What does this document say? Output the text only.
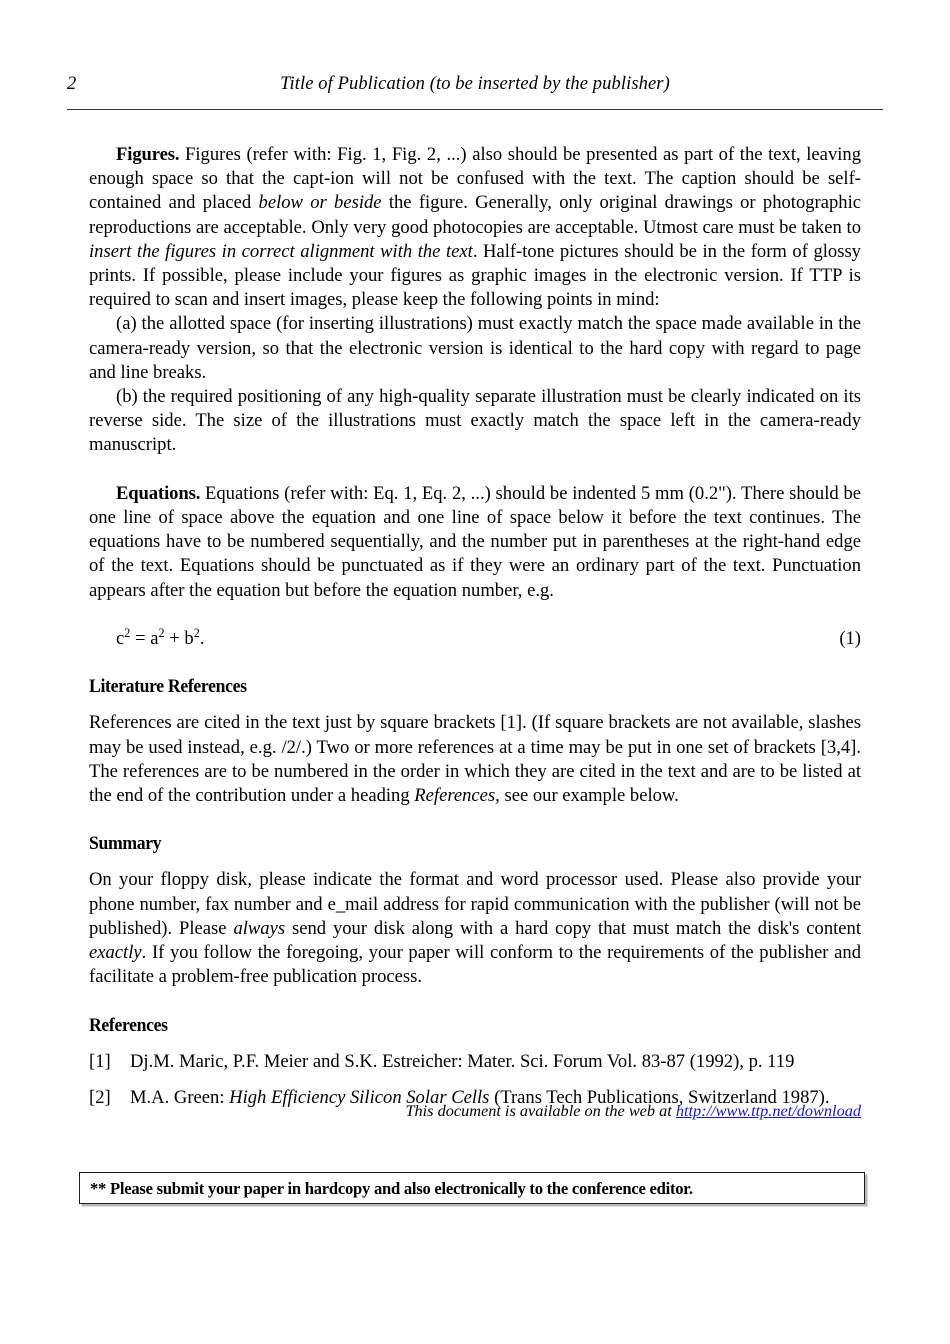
2	Title of Publication (to be inserted by the publisher)

Figures. Figures (refer with: Fig. 1, Fig. 2, ...) also should be presented as part of the text, leaving enough space so that the capt-ion will not be confused with the text. The caption should be self-contained and placed below or beside the figure. Generally, only original drawings or photographic reproductions are acceptable. Only very good photocopies are acceptable. Utmost care must be taken to insert the figures in correct alignment with the text. Half-tone pictures should be in the form of glossy prints. If possible, please include your figures as graphic images in the electronic version. If TTP is required to scan and insert images, please keep the following points in mind:

(a) the allotted space (for inserting illustrations) must exactly match the space made available in the camera-ready version, so that the electronic version is identical to the hard copy with regard to page and line breaks.

(b) the required positioning of any high-quality separate illustration must be clearly indicated on its reverse side. The size of the illustrations must exactly match the space left in the camera-ready manuscript.

Equations. Equations (refer with: Eq. 1, Eq. 2, ...) should be indented 5 mm (0.2"). There should be one line of space above the equation and one line of space below it before the text continues. The equations have to be numbered sequentially, and the number put in parentheses at the right-hand edge of the text. Equations should be punctuated as if they were an ordinary part of the text. Punctuation appears after the equation but before the equation number, e.g.

$c^2 = a^2 + b^2$.	(1)
Literature References

References are cited in the text just by square brackets [1]. (If square brackets are not available, slashes may be used instead, e.g. /2/.) Two or more references at a time may be put in one set of brackets [3,4]. The references are to be numbered in the order in which they are cited in the text and are to be listed at the end of the contribution under a heading References, see our example below.

Summary

On your floppy disk, please indicate the format and word processor used. Please also provide your phone number, fax number and e_mail address for rapid communication with the publisher (will not be published). Please always send your disk along with a hard copy that must match the disk's content exactly. If you follow the foregoing, your paper will conform to the requirements of the publisher and facilitate a problem-free publication process.

References

[1] Dj.M. Maric, P.F. Meier and S.K. Estreicher: Mater. Sci. Forum Vol. 83-87 (1992), p. 119

[2] M.A. Green: High Efficiency Silicon Solar Cells (Trans Tech Publications, Switzerland 1987).

This document is available on the web at http://www.ttp.net/download
** Please submit your paper in hardcopy and also electronically to the conference editor.
